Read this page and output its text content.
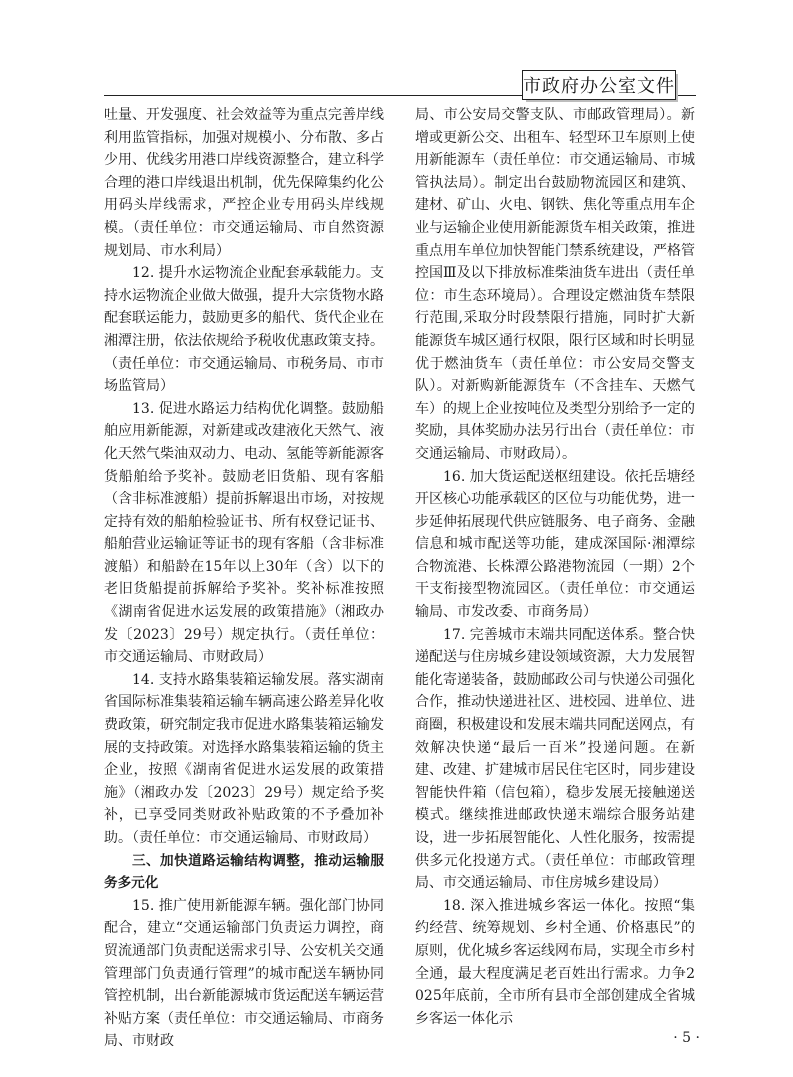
市政府办公室文件

吐量、开发强度、社会效益等为重点完善岸线利用监管指标，加强对规模小、分布散、多占少用、优线劣用港口岸线资源整合，建立科学合理的港口岸线退出机制，优先保障集约化公用码头岸线需求，严控企业专用码头岸线规模。（责任单位：市交通运输局、市自然资源规划局、市水利局）

12. 提升水运物流企业配套承载能力。支持水运物流企业做大做强，提升大宗货物水路配套联运能力，鼓励更多的船代、货代企业在湘潭注册，依法依规给予税收优惠政策支持。（责任单位：市交通运输局、市税务局、市市场监管局）

13. 促进水路运力结构优化调整。鼓励船舶应用新能源，对新建或改建液化天然气、液化天然气柴油双动力、电动、氢能等新能源客货船舶给予奖补。鼓励老旧货船、现有客船（含非标准渡船）提前拆解退出市场，对按规定持有效的船舶检验证书、所有权登记证书、船舶营业运输证等证书的现有客船（含非标准渡船）和船龄在15年以上30年（含）以下的老旧货船提前拆解给予奖补。奖补标准按照《湖南省促进水运发展的政策措施》（湘政办发〔2023〕29号）规定执行。（责任单位：市交通运输局、市财政局）

14. 支持水路集装箱运输发展。落实湖南省国际标准集装箱运输车辆高速公路差异化收费政策，研究制定我市促进水路集装箱运输发展的支持政策。对选择水路集装箱运输的货主企业，按照《湖南省促进水运发展的政策措施》（湘政办发〔2023〕29号）规定给予奖补，已享受同类财政补贴政策的不予叠加补助。（责任单位：市交通运输局、市财政局）

三、加快道路运输结构调整，推动运输服务多元化

15. 推广使用新能源车辆。强化部门协同配合，建立“交通运输部门负责运力调控，商贸流通部门负责配送需求引导、公安机关交通管理部门负责通行管理”的城市配送车辆协同管控机制，出台新能源城市货运配送车辆运营补贴方案（责任单位：市交通运输局、市商务局、市财政

局、市公安局交警支队、市邮政管理局）。新增或更新公交、出租车、轻型环卫车原则上使用新能源车（责任单位：市交通运输局、市城管执法局）。制定出台鼓励物流园区和建筑、建材、矿山、火电、钢铁、焦化等重点用车企业与运输企业使用新能源货车相关政策，推进重点用车单位加快智能门禁系统建设，严格管控国Ⅲ及以下排放标准柴油货车进出（责任单位：市生态环境局）。合理设定燃油货车禁限行范围,采取分时段禁限行措施，同时扩大新能源货车城区通行权限，限行区域和时长明显优于燃油货车（责任单位：市公安局交警支队）。对新购新能源货车（不含挂车、天燃气车）的规上企业按吨位及类型分别给予一定的奖励，具体奖励办法另行出台（责任单位：市交通运输局、市财政局）。

16. 加大货运配送枢纽建设。依托岳塘经开区核心功能承载区的区位与功能优势，进一步延伸拓展现代供应链服务、电子商务、金融信息和城市配送等功能，建成深国际·湘潭综合物流港、长株潭公路港物流园（一期）2个干支衔接型物流园区。（责任单位：市交通运输局、市发改委、市商务局）

17. 完善城市末端共同配送体系。整合快递配送与住房城乡建设领域资源，大力发展智能化寄递装备，鼓励邮政公司与快递公司强化合作，推动快递进社区、进校园、进单位、进商圈，积极建设和发展末端共同配送网点，有效解决快递“最后一百米”投递问题。在新建、改建、扩建城市居民住宅区时，同步建设智能快件箱（信包箱），稳步发展无接触递送模式。继续推进邮政快递末端综合服务站建设，进一步拓展智能化、人性化服务，按需提供多元化投递方式。（责任单位：市邮政管理局、市交通运输局、市住房城乡建设局）

18. 深入推进城乡客运一体化。按照“集约经营、统筹规划、乡村全通、价格惠民”的原则，优化城乡客运线网布局，实现全市乡村全通，最大程度满足老百姓出行需求。力争2025年底前，全市所有县市全部创建成全省城乡客运一体化示

· 5 ·
